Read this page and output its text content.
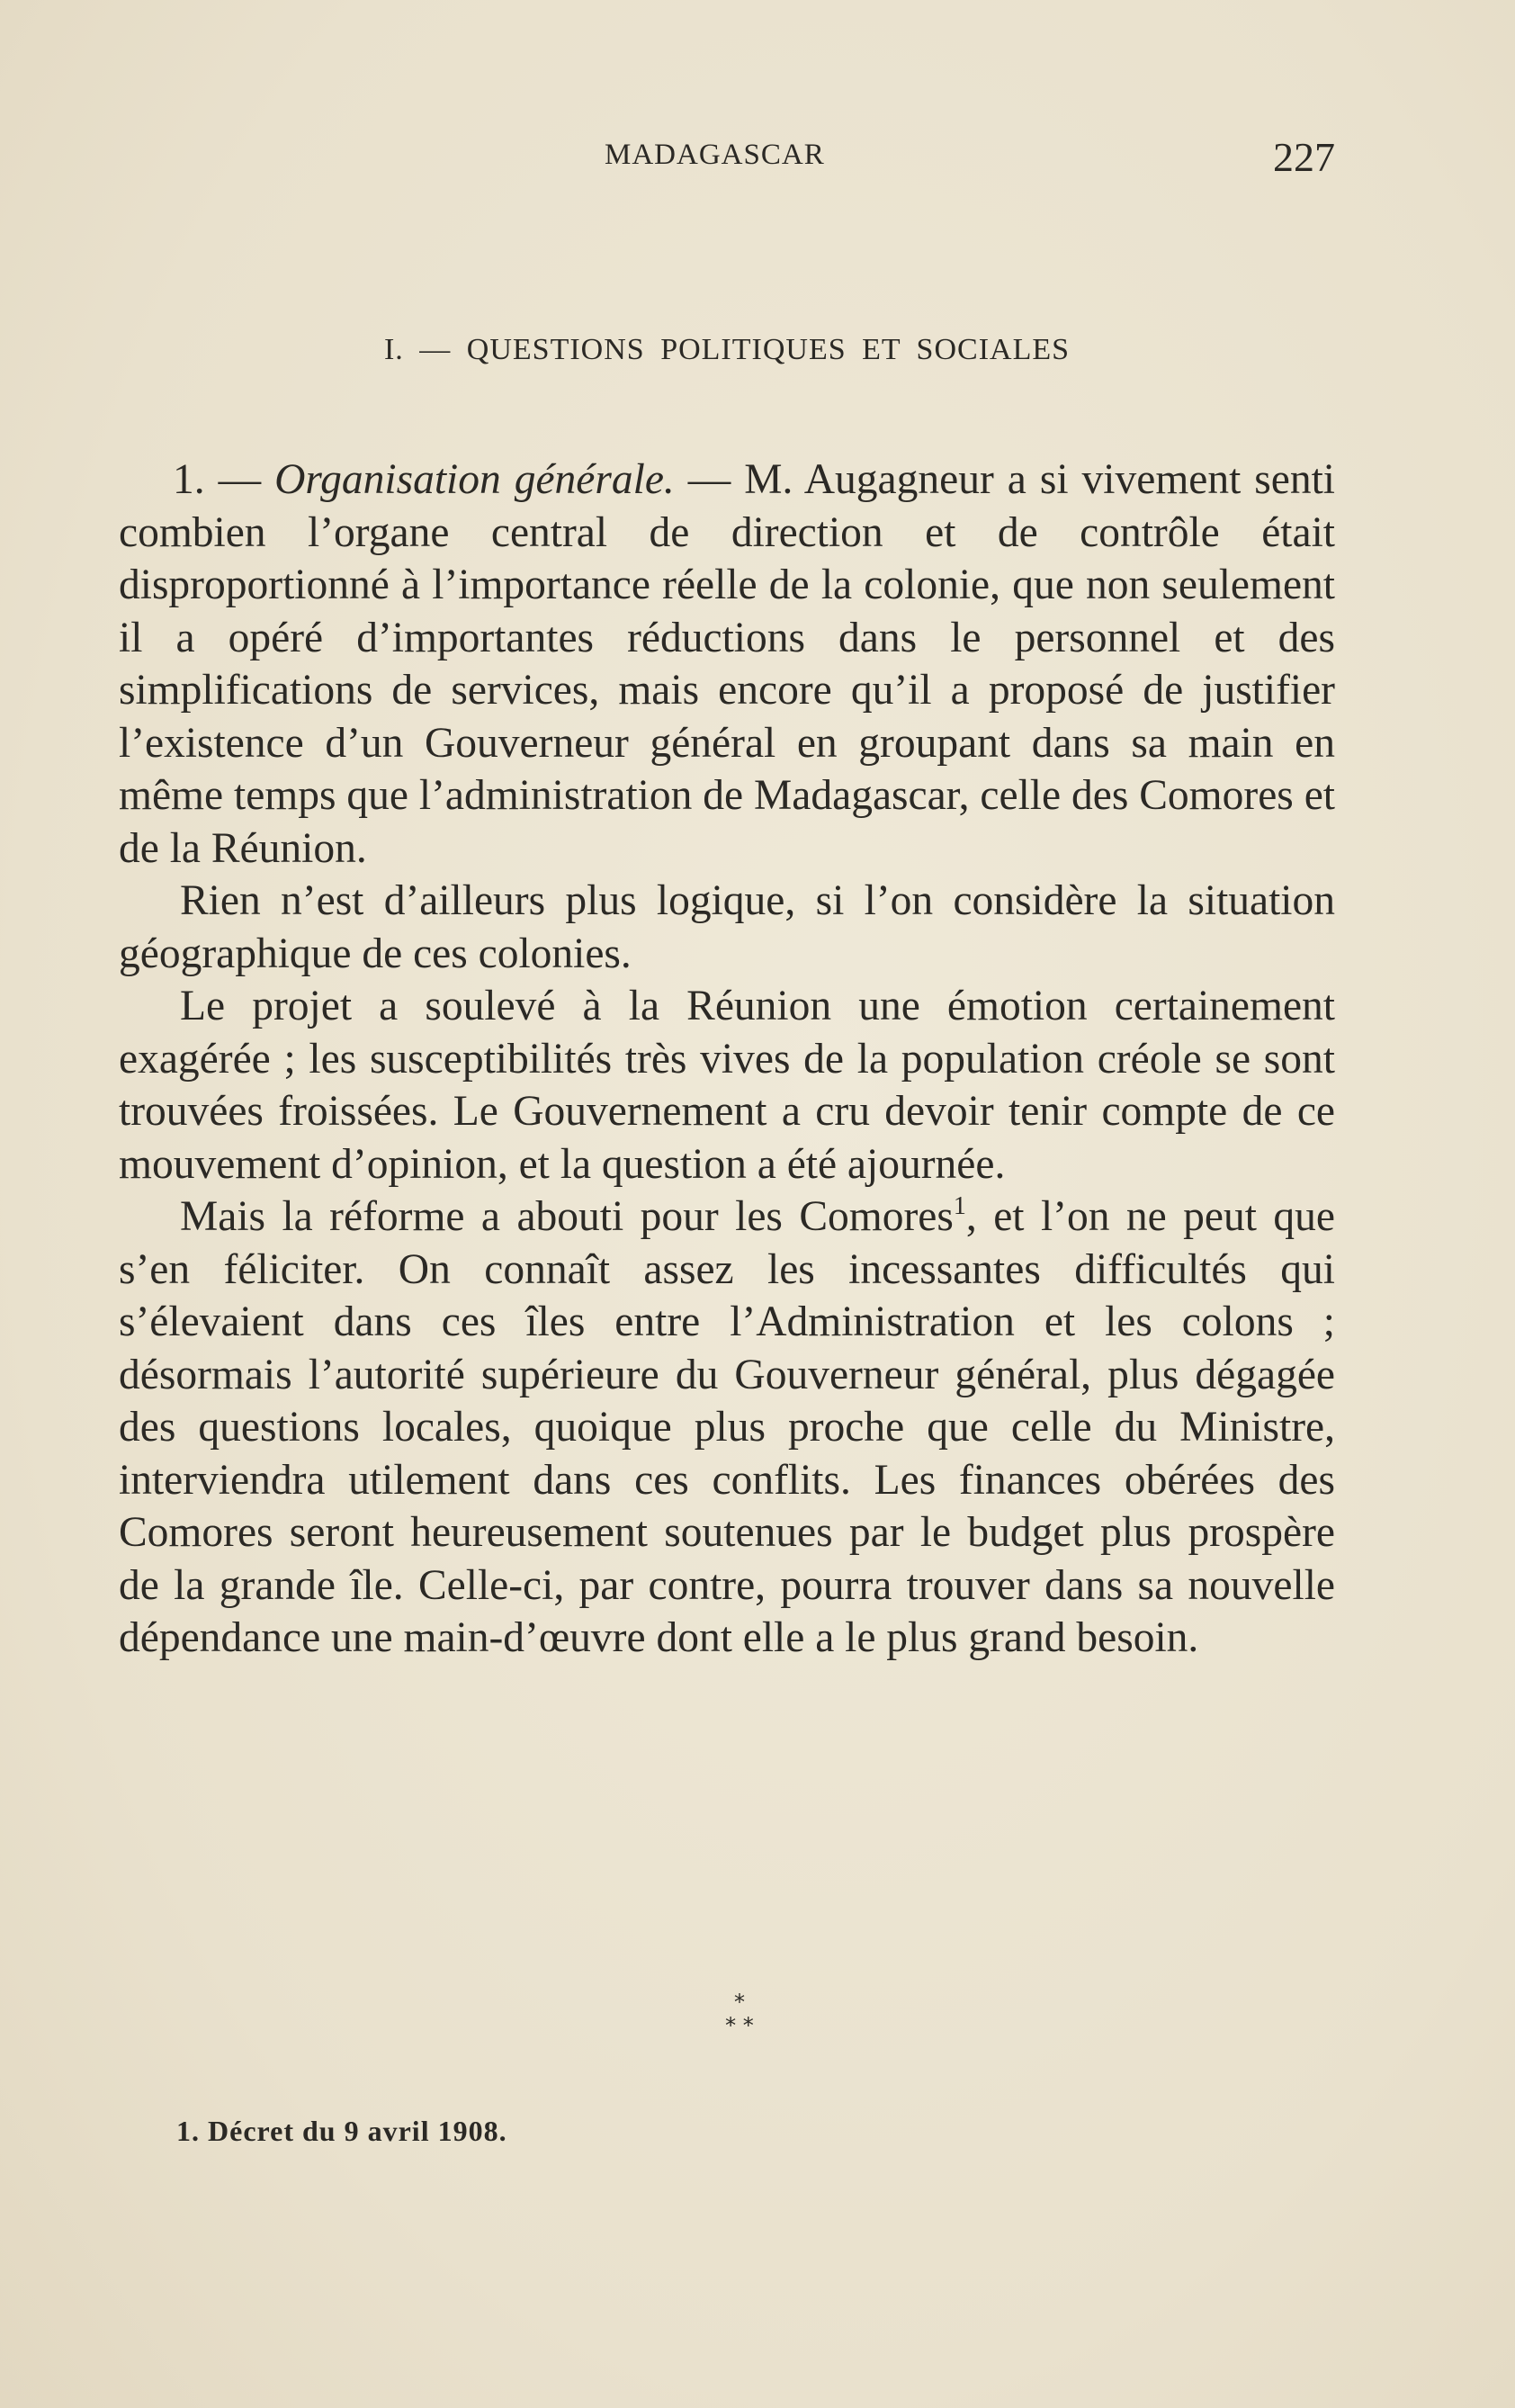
MADAGASCAR	227
I. — QUESTIONS POLITIQUES ET SOCIALES

1. — Organisation générale. — M. Augagneur a si vivement senti combien l’organe central de direction et de contrôle était disproportionné à l’importance réelle de la colonie, que non seulement il a opéré d’importantes réductions dans le personnel et des simplifications de services, mais encore qu’il a proposé de justifier l’existence d’un Gouverneur général en groupant dans sa main en même temps que l’administration de Madagascar, celle des Comores et de la Réunion.

Rien n’est d’ailleurs plus logique, si l’on considère la situation géographique de ces colonies.

Le projet a soulevé à la Réunion une émotion certainement exagérée ; les susceptibilités très vives de la population créole se sont trouvées froissées. Le Gouvernement a cru devoir tenir compte de ce mouvement d’opinion, et la question a été ajournée.

Mais la réforme a abouti pour les Comores$^1$, et l’on ne peut que s’en féliciter. On connaît assez les incessantes difficultés qui s’élevaient dans ces îles entre l’Administration et les colons ; désormais l’autorité supérieure du Gouverneur général, plus dégagée des questions locales, quoique plus proche que celle du Ministre, interviendra utilement dans ces conflits. Les finances obérées des Comores seront heureusement soutenues par le budget plus prospère de la grande île. Celle-ci, par contre, pourra trouver dans sa nouvelle dépendance une main-d’œuvre dont elle a le plus grand besoin.

*
* *
1. Décret du 9 avril 1908.
